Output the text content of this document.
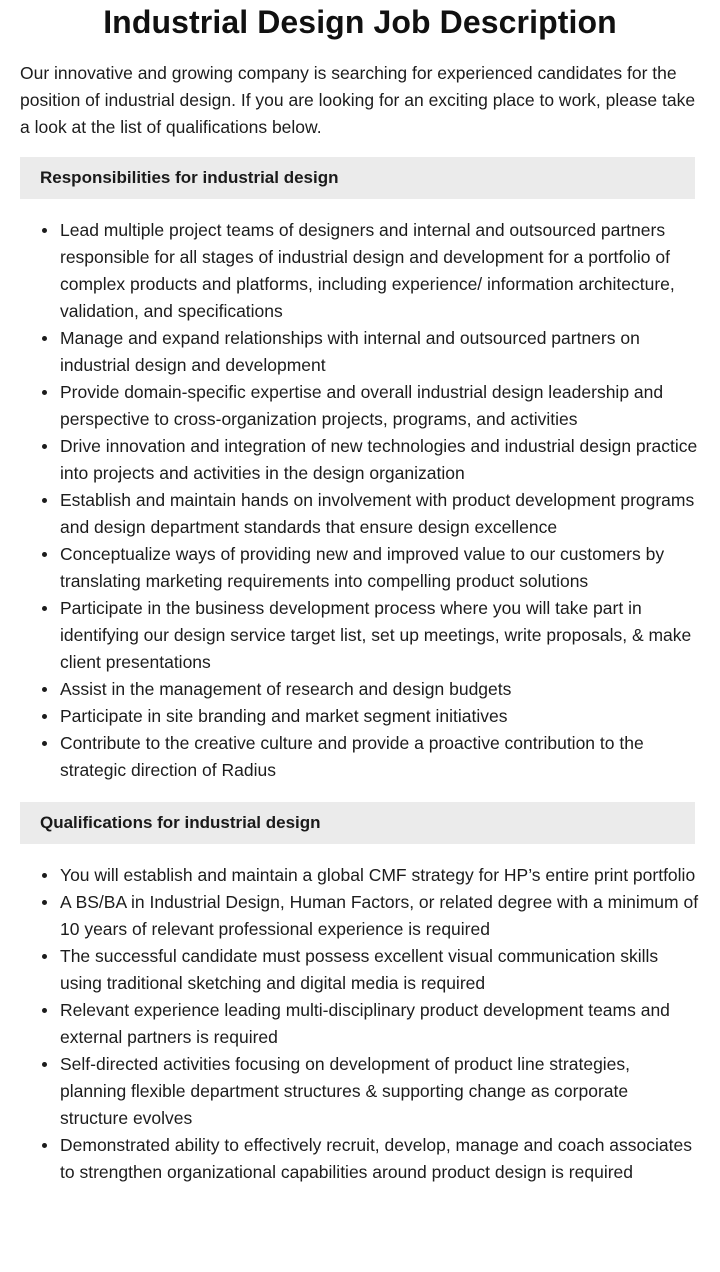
Industrial Design Job Description

Our innovative and growing company is searching for experienced candidates for the position of industrial design. If you are looking for an exciting place to work, please take a look at the list of qualifications below.

Responsibilities for industrial design
Lead multiple project teams of designers and internal and outsourced partners responsible for all stages of industrial design and development for a portfolio of complex products and platforms, including experience/ information architecture, validation, and specifications
Manage and expand relationships with internal and outsourced partners on industrial design and development
Provide domain-specific expertise and overall industrial design leadership and perspective to cross-organization projects, programs, and activities
Drive innovation and integration of new technologies and industrial design practice into projects and activities in the design organization
Establish and maintain hands on involvement with product development programs and design department standards that ensure design excellence
Conceptualize ways of providing new and improved value to our customers by translating marketing requirements into compelling product solutions
Participate in the business development process where you will take part in identifying our design service target list, set up meetings, write proposals, & make client presentations
Assist in the management of research and design budgets
Participate in site branding and market segment initiatives
Contribute to the creative culture and provide a proactive contribution to the strategic direction of Radius
Qualifications for industrial design
You will establish and maintain a global CMF strategy for HP’s entire print portfolio
A BS/BA in Industrial Design, Human Factors, or related degree with a minimum of 10 years of relevant professional experience is required
The successful candidate must possess excellent visual communication skills using traditional sketching and digital media is required
Relevant experience leading multi-disciplinary product development teams and external partners is required
Self-directed activities focusing on development of product line strategies, planning flexible department structures & supporting change as corporate structure evolves
Demonstrated ability to effectively recruit, develop, manage and coach associates to strengthen organizational capabilities around product design is required
